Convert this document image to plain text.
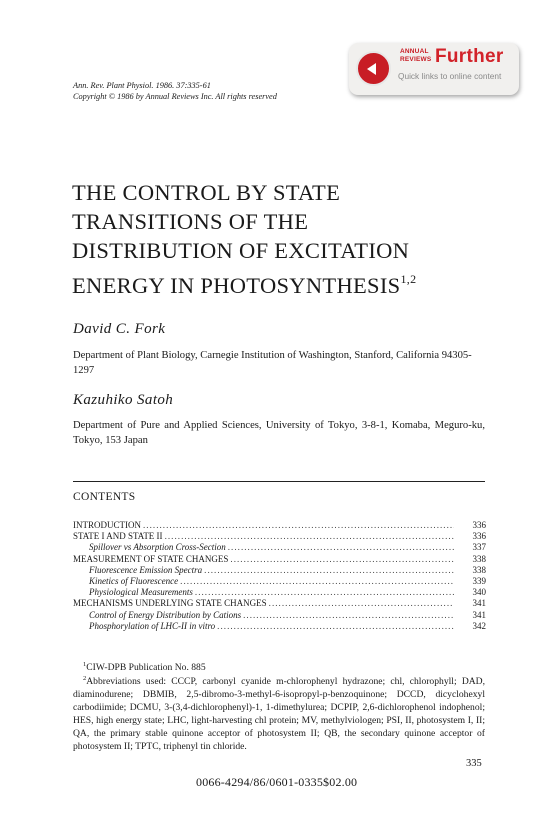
Ann. Rev. Plant Physiol. 1986. 37:335-61
Copyright © 1986 by Annual Reviews Inc. All rights reserved
ANNUAL
REVIEWS Further
Quick links to online content
THE CONTROL BY STATE
TRANSITIONS OF THE
DISTRIBUTION OF EXCITATION
ENERGY IN PHOTOSYNTHESIS$^{1,2}$
David C. Fork
Department of Plant Biology, Carnegie Institution of Washington, Stanford, California 94305-1297
Kazuhiko Satoh
Department of Pure and Applied Sciences, University of Tokyo, 3-8-1, Komaba, Meguro-ku, Tokyo, 153 Japan
CONTENTS
INTRODUCTION . . .	336
STATE I AND STATE II . . .	336
Spillover vs Absorption Cross-Section . . .	337
MEASUREMENT OF STATE CHANGES . . .	338
Fluorescence Emission Spectra . . .	338
Kinetics of Fluorescence . . .	339
Physiological Measurements . . .	340
MECHANISMS UNDERLYING STATE CHANGES . . .	341
Control of Energy Distribution by Cations . . .	341
Phosphorylation of LHC-II in vitro . . .	342
$^1$CIW-DPB Publication No. 885
$^2$Abbreviations used: CCCP, carbonyl cyanide m-chlorophenyl hydrazone; chl, chlorophyll; DAD, diaminodurene; DBMIB, 2,5-dibromo-3-methyl-6-isopropyl-p-benzoquinone; DCCD, dicyclohexyl carbodiimide; DCMU, 3-(3,4-dichlorophenyl)-1, 1-dimethylurea; DCPIP, 2,6-dichlorophenol indophenol; HES, high energy state; LHC, light-harvesting chl protein; MV, methylviologen; PSI, II, photosystem I, II; QA, the primary stable quinone acceptor of photosystem II; QB, the secondary quinone acceptor of photosystem II; TPTC, triphenyl tin chloride.
335
0066-4294/86/0601-0335$02.00
